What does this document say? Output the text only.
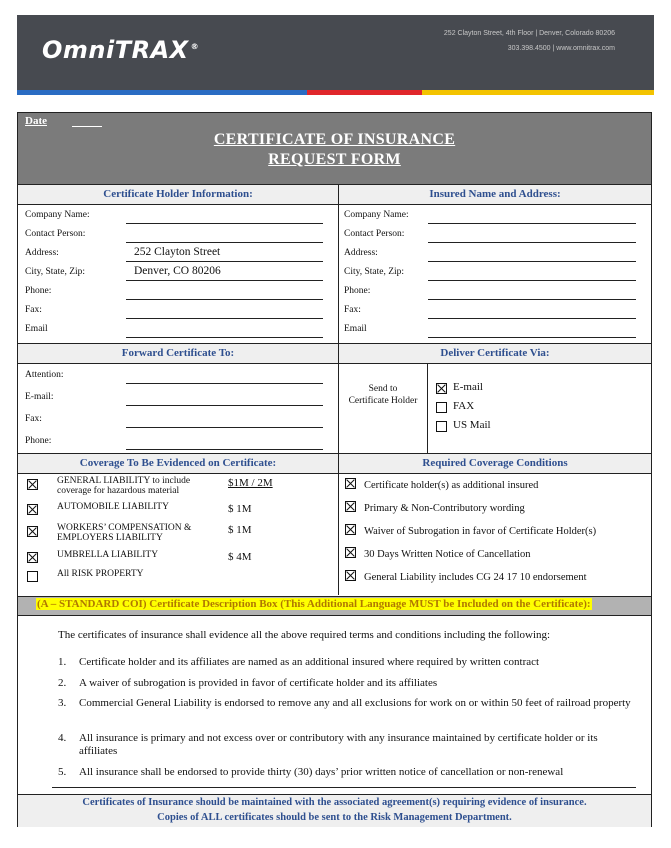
OmniTRAX ®
252 Clayton Street, 4th Floor | Denver, Colorado 80206
303.398.4500 | www.omnitrax.com
Date
CERTIFICATE OF INSURANCE
REQUEST FORM
Certificate Holder Information:	Insured Name and Address:
Company Name:
Contact Person:
Address:	252 Clayton Street
City, State, Zip:	Denver, CO 80206
Phone:
Fax:
Email
Company Name:
Contact Person:
Address:
City, State, Zip:
Phone:
Fax:
Email
Forward Certificate To:	Deliver Certificate Via:
Attention:
E-mail:
Fax:
Phone:
Send to
Certificate Holder
E-mail
FAX
US Mail
Coverage To Be Evidenced on Certificate:	Required Coverage Conditions
GENERAL LIABILITY to include
coverage for hazardous material
$1M / 2M
AUTOMOBILE LIABILITY	$ 1M
WORKERS’ COMPENSATION &
EMPLOYERS LIABILITY
$ 1M
UMBRELLA LIABILITY	$ 4M
All RISK PROPERTY
Certificate holder(s) as additional insured
Primary & Non-Contributory wording
Waiver of Subrogation in favor of Certificate Holder(s)
30 Days Written Notice of Cancellation
General Liability includes CG 24 17 10 endorsement
(A – STANDARD COI) Certificate Description Box (This Additional Language MUST be Included on the Certificate):
The certificates of insurance shall evidence all the above required terms and conditions including the following:
1. Certificate holder and its affiliates are named as an additional insured where required by written contract
2. A waiver of subrogation is provided in favor of certificate holder and its affiliates
3. Commercial General Liability is endorsed to remove any and all exclusions for work on or within 50 feet of railroad property
4. All insurance is primary and not excess over or contributory with any insurance maintained by certificate holder or its affiliates
5. All insurance shall be endorsed to provide thirty (30) days’ prior written notice of cancellation or non-renewal
Certificates of Insurance should be maintained with the associated agreement(s) requiring evidence of insurance.
Copies of ALL certificates should be sent to the Risk Management Department.
